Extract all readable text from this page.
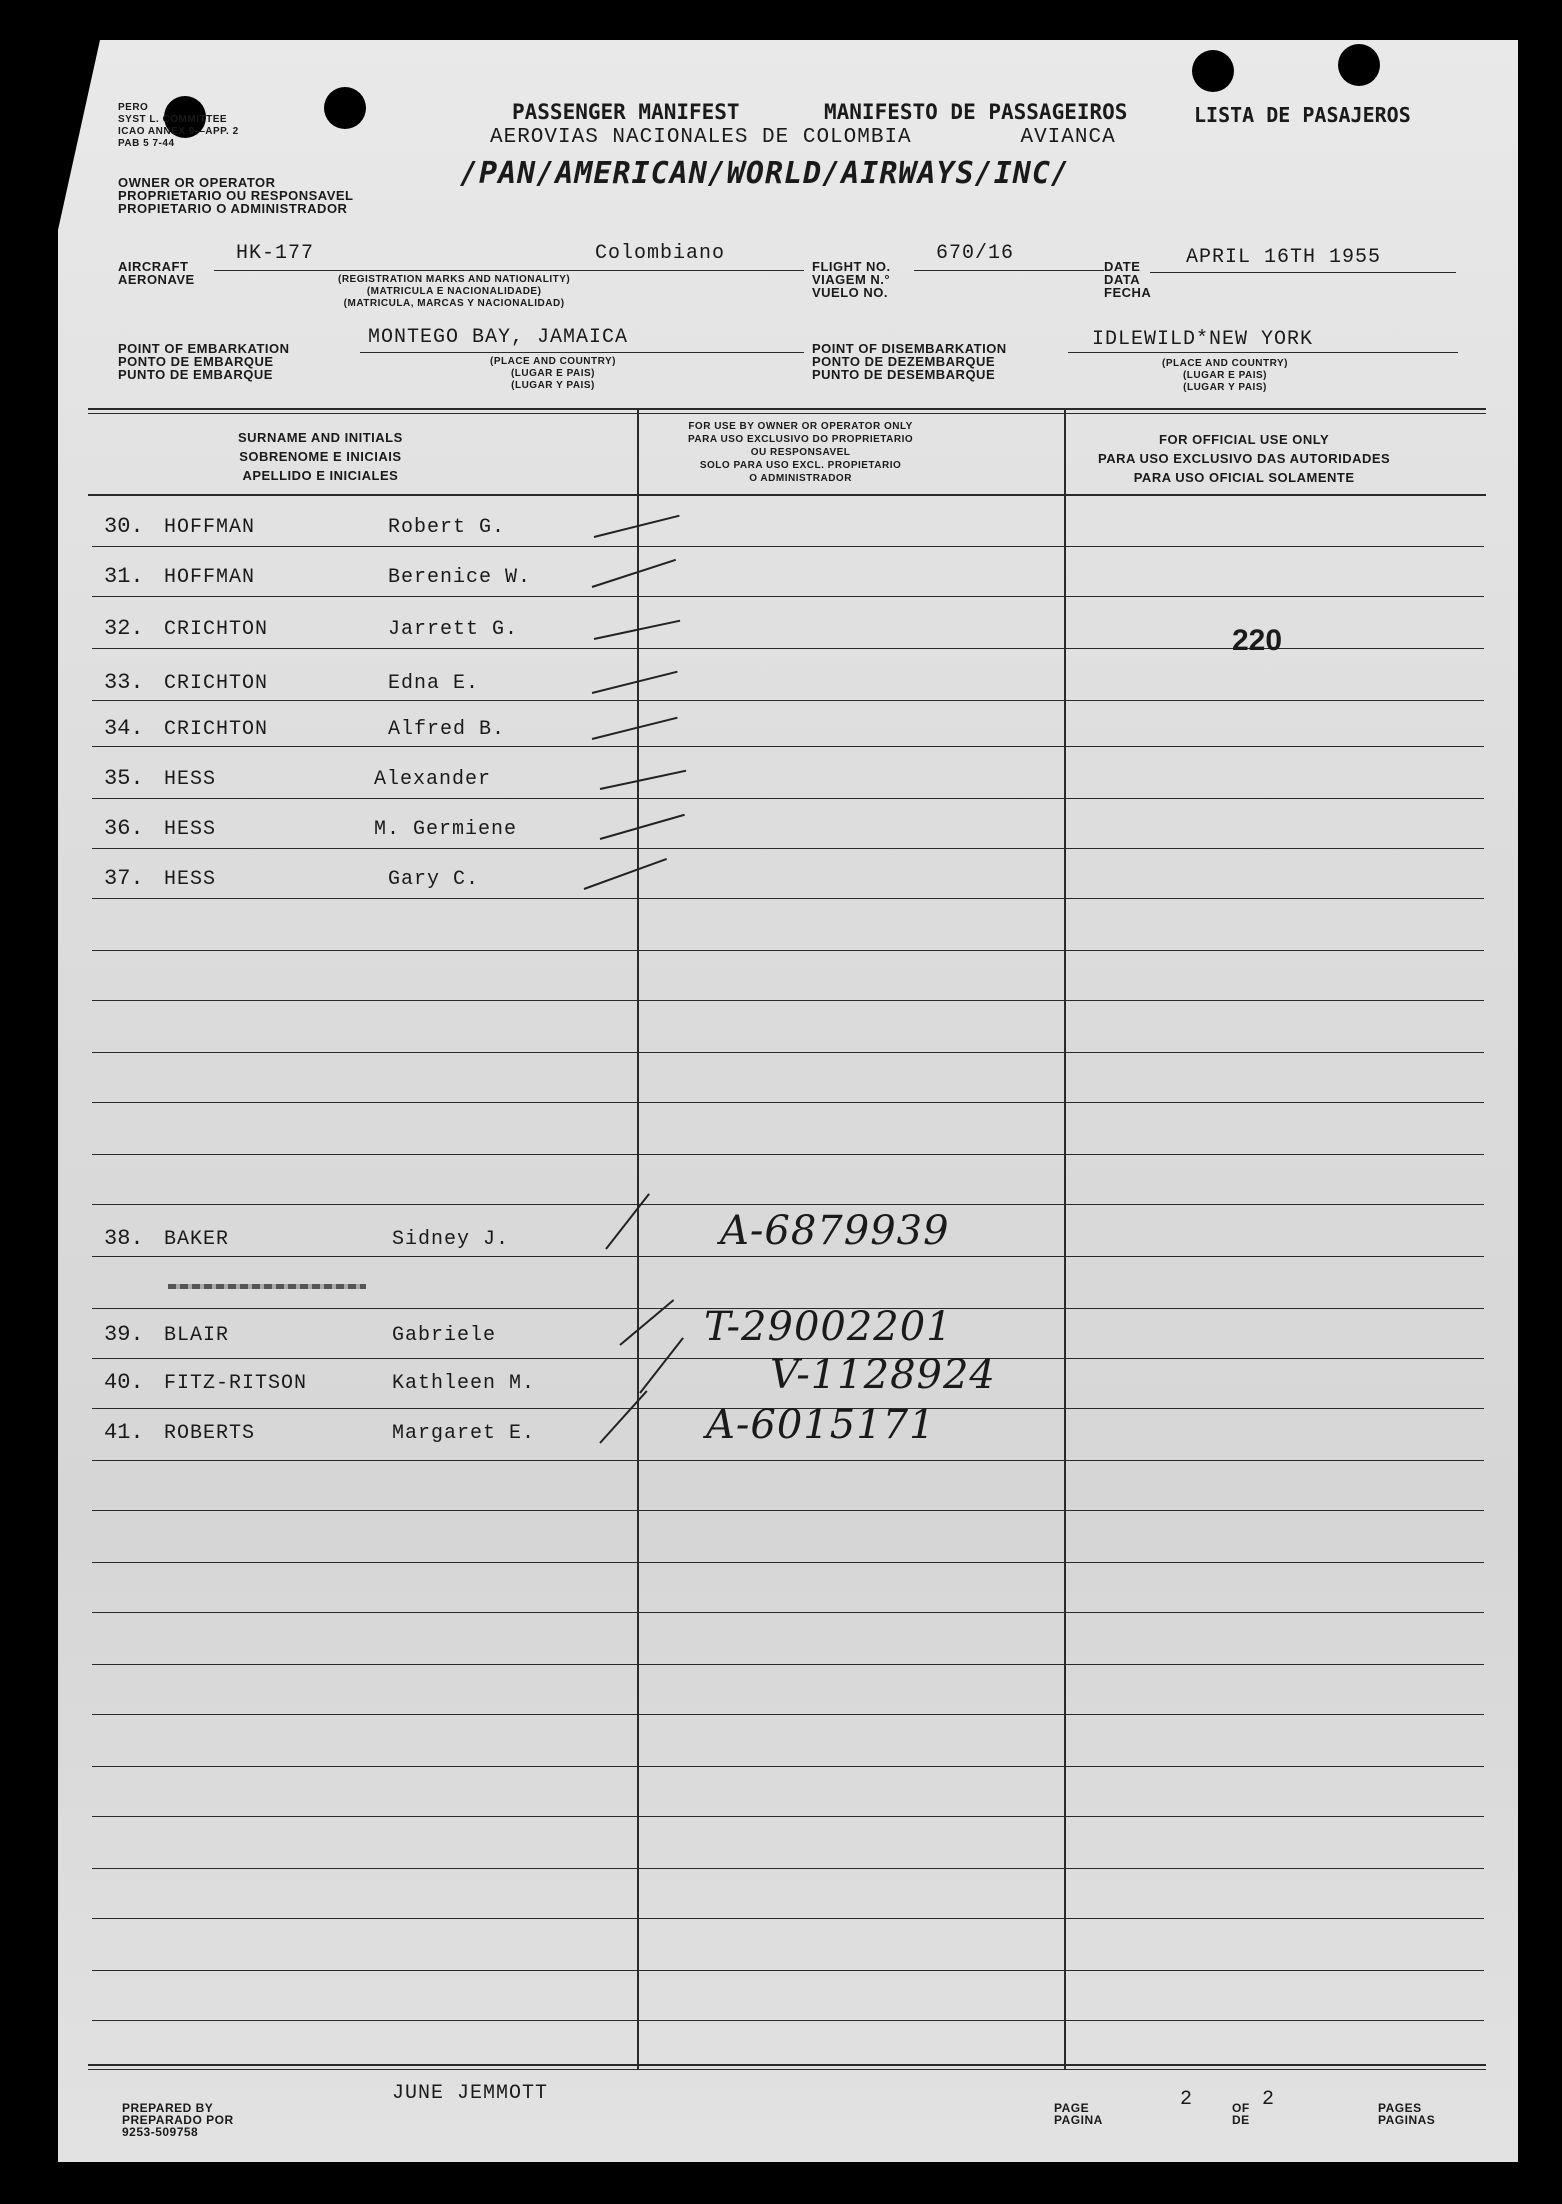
PERO
SYST L. COMMITTEE
ICAO ANNEX 9—APP. 2
PAB 5 7-44
OWNER OR OPERATOR
PROPRIETARIO OU RESPONSAVEL
PROPIETARIO O ADMINISTRADOR
PASSENGER MANIFEST	MANIFESTO DE PASSAGEIROS	LISTA DE PASAJEROS
AEROVIAS NACIONALES DE COLOMBIA        AVIANCA
/PAN/AMERICAN/WORLD/AIRWAYS/INC/
AIRCRAFT
AERONAVE
HK-177	Colombiano
(REGISTRATION MARKS AND NATIONALITY)
(MATRICULA E NACIONALIDADE)
(MATRICULA, MARCAS Y NACIONALIDAD)
FLIGHT NO.
VIAGEM N.°
VUELO NO.
670/16
DATE
DATA
FECHA
APRIL 16TH 1955
POINT OF EMBARKATION
PONTO DE EMBARQUE
PUNTO DE EMBARQUE
MONTEGO BAY, JAMAICA
(PLACE AND COUNTRY)
(LUGAR E PAIS)
(LUGAR Y PAIS)
POINT OF DISEMBARKATION
PONTO DE DEZEMBARQUE
PUNTO DE DESEMBARQUE
IDLEWILD*NEW YORK
(PLACE AND COUNTRY)
(LUGAR E PAIS)
(LUGAR Y PAIS)
SURNAME AND INITIALS
SOBRENOME E INICIAIS
APELLIDO E INICIALES
FOR USE BY OWNER OR OPERATOR ONLY
PARA USO EXCLUSIVO DO PROPRIETARIO
OU RESPONSAVEL
SOLO PARA USO EXCL. PROPIETARIO
O ADMINISTRADOR
FOR OFFICIAL USE ONLY
PARA USO EXCLUSIVO DAS AUTORIDADES
PARA USO OFICIAL SOLAMENTE
220
30. HOFFMAN	Robert G.
31. HOFFMAN	Berenice W.
32. CRICHTON	Jarrett G.
33. CRICHTON	Edna E.
34. CRICHTON	Alfred B.
35. HESS	Alexander
36. HESS	M. Germiene
37. HESS	Gary C.
38. BAKER	Sidney J.	A-6879939
39. BLAIR	Gabriele	T-29002201
40. FITZ-RITSON	Kathleen M.	V-1128924
41. ROBERTS	Margaret E.	A-6015171
PREPARED BY
PREPARADO POR
9253-509758
JUNE JEMMOTT
PAGE
PAGINA
2	OF
DE
2	PAGES
PAGINAS
